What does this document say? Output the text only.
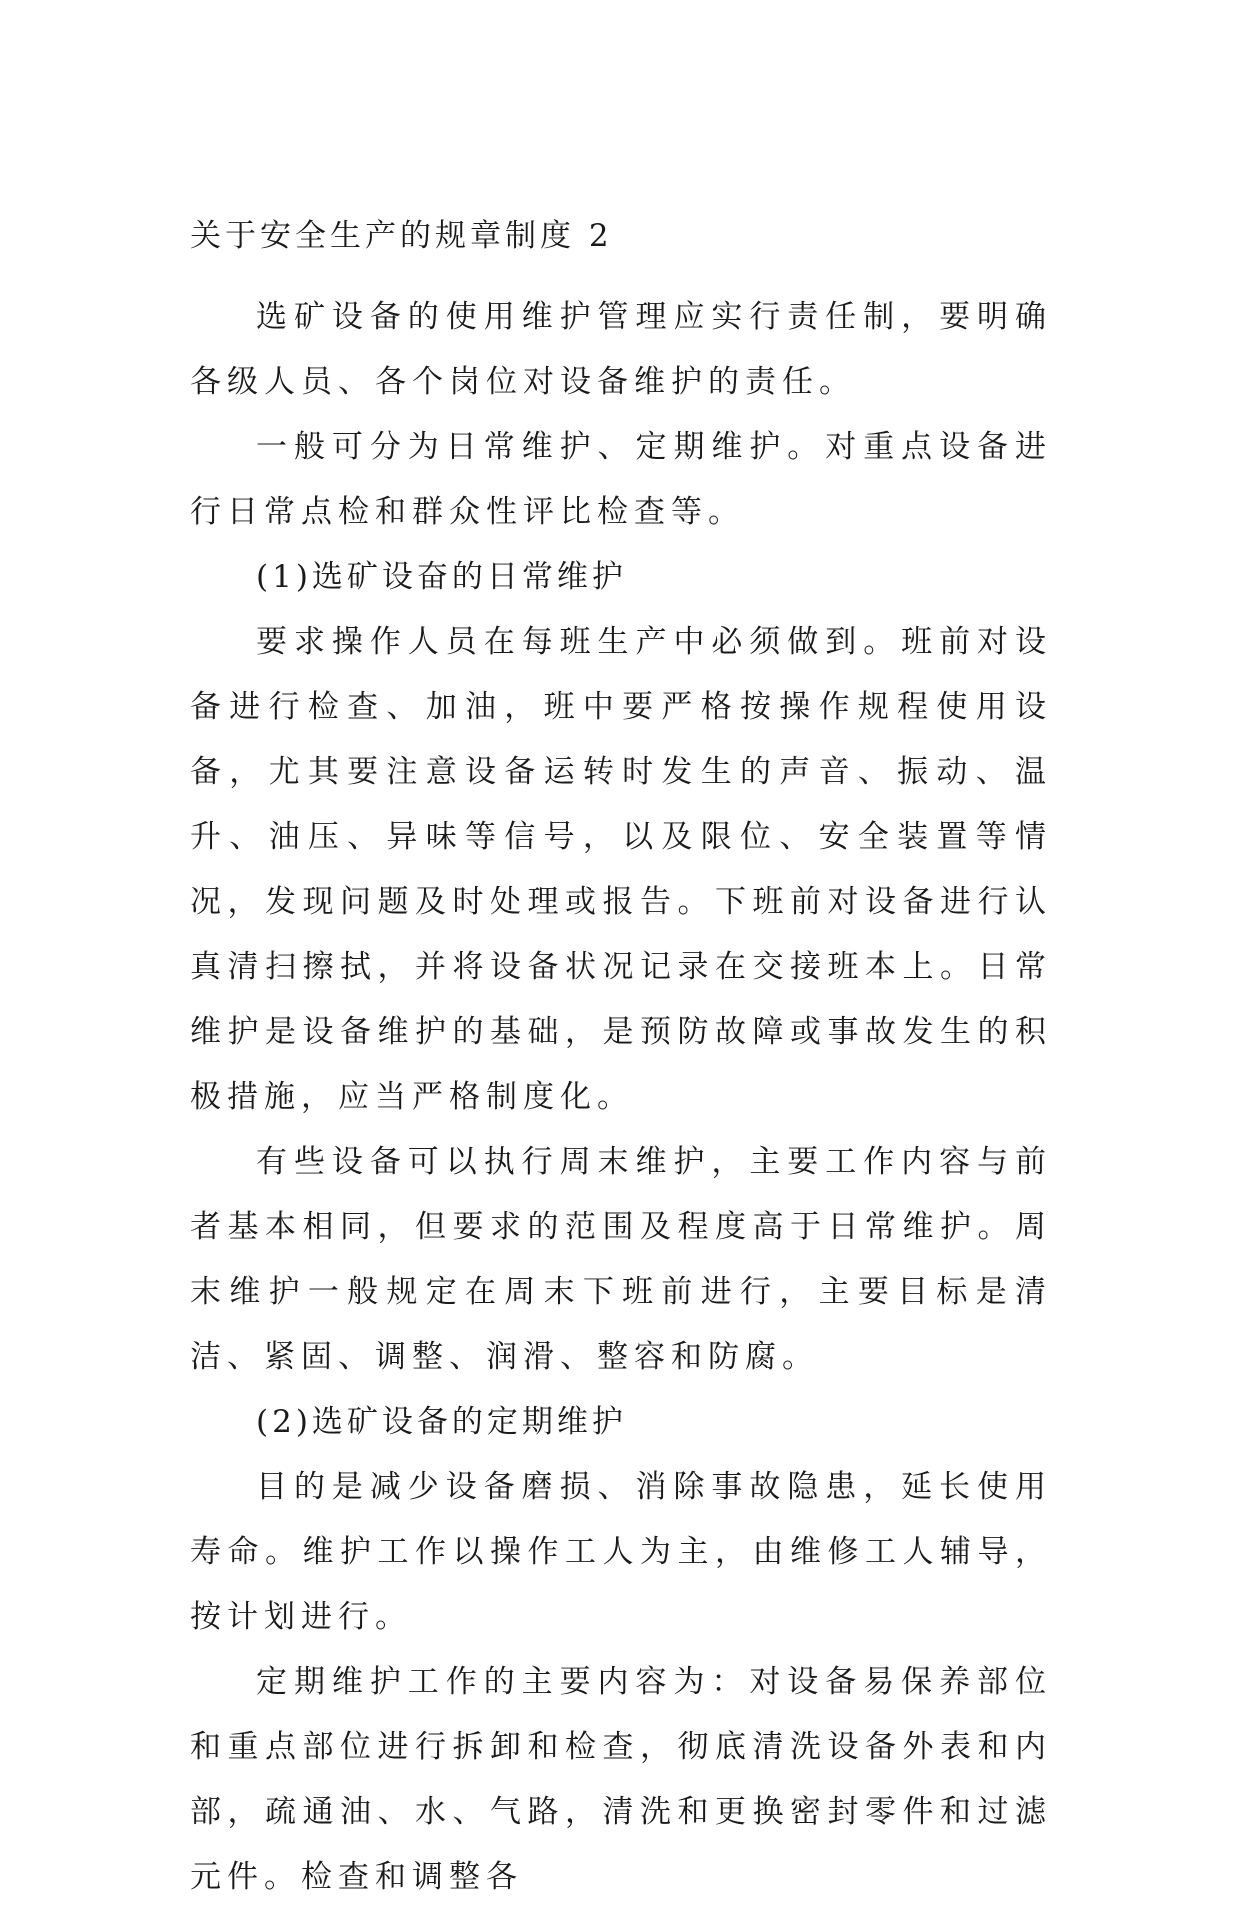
关于安全生产的规章制度 2

选矿设备的使用维护管理应实行责任制，要明确各级人员、各个岗位对设备维护的责任。

一般可分为日常维护、定期维护。对重点设备进行日常点检和群众性评比检查等。

(1)选矿设奋的日常维护

要求操作人员在每班生产中必须做到。班前对设备进行检查、加油，班中要严格按操作规程使用设备，尤其要注意设备运转时发生的声音、振动、温升、油压、异味等信号，以及限位、安全装置等情况，发现问题及时处理或报告。下班前对设备进行认真清扫擦拭，并将设备状况记录在交接班本上。日常维护是设备维护的基础，是预防故障或事故发生的积极措施，应当严格制度化。

有些设备可以执行周末维护，主要工作内容与前者基本相同，但要求的范围及程度高于日常维护。周末维护一般规定在周末下班前进行，主要目标是清洁、紧固、调整、润滑、整容和防腐。

(2)选矿设备的定期维护

目的是减少设备磨损、消除事故隐患，延长使用寿命。维护工作以操作工人为主，由维修工人辅导，按计划进行。

定期维护工作的主要内容为：对设备易保养部位和重点部位进行拆卸和检查，彻底清洗设备外表和内部，疏通油、水、气路，清洗和更换密封零件和过滤元件。检查和调整各
